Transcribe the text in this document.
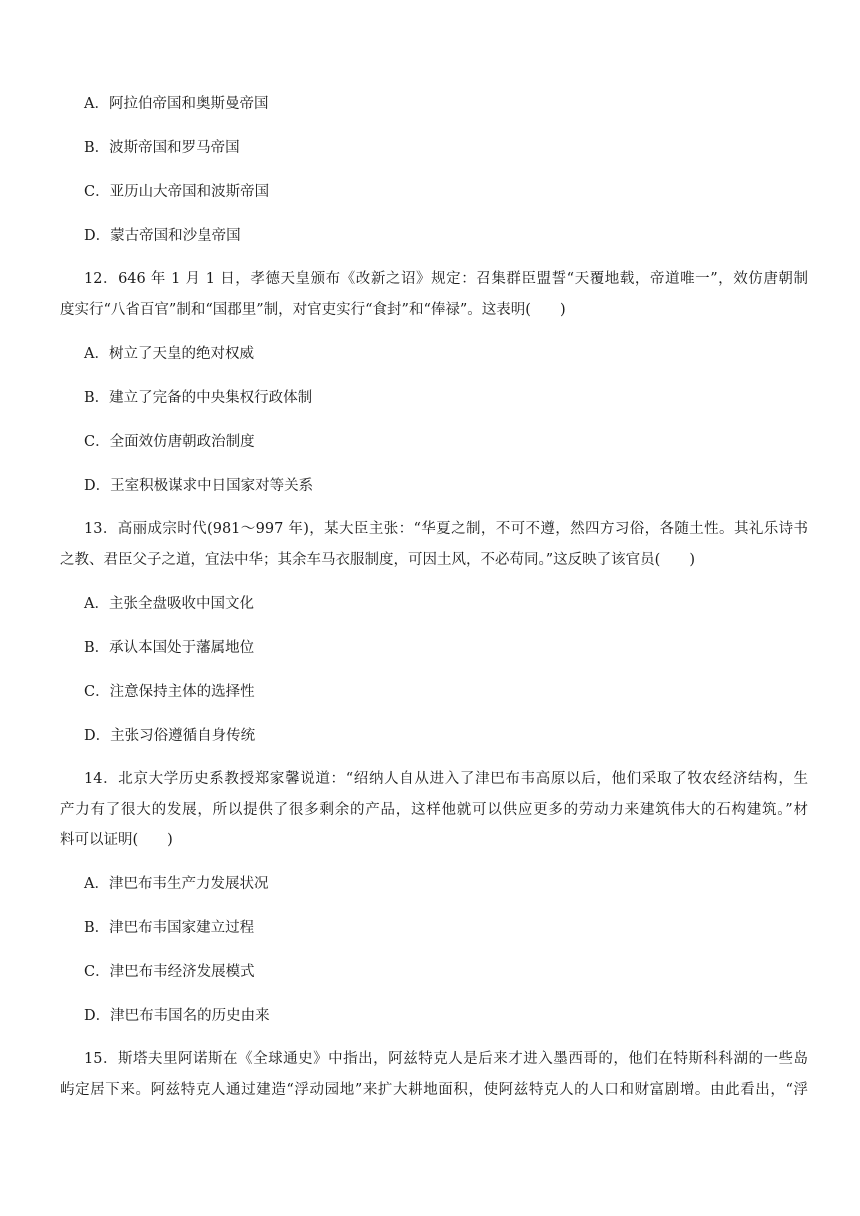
A．阿拉伯帝国和奥斯曼帝国
B．波斯帝国和罗马帝国
C．亚历山大帝国和波斯帝国
D．蒙古帝国和沙皇帝国
12．646 年 1 月 1 日，孝德天皇颁布《改新之诏》规定：召集群臣盟誓“天覆地载，帝道唯一”，效仿唐朝制
度实行“八省百官”制和“国郡里”制，对官吏实行“食封”和“俸禄”。这表明(　　)
A．树立了天皇的绝对权威
B．建立了完备的中央集权行政体制
C．全面效仿唐朝政治制度
D．王室积极谋求中日国家对等关系
13．高丽成宗时代(981～997 年)，某大臣主张：“华夏之制，不可不遵，然四方习俗，各随土性。其礼乐诗书
之教、君臣父子之道，宜法中华；其余车马衣服制度，可因土风，不必苟同。”这反映了该官员(　　)
A．主张全盘吸收中国文化
B．承认本国处于藩属地位
C．注意保持主体的选择性
D．主张习俗遵循自身传统
14．北京大学历史系教授郑家馨说道：“绍纳人自从进入了津巴布韦高原以后，他们采取了牧农经济结构，生
产力有了很大的发展，所以提供了很多剩余的产品，这样他就可以供应更多的劳动力来建筑伟大的石构建筑。”材
料可以证明(　　)
A．津巴布韦生产力发展状况
B．津巴布韦国家建立过程
C．津巴布韦经济发展模式
D．津巴布韦国名的历史由来
15．斯塔夫里阿诺斯在《全球通史》中指出，阿兹特克人是后来才进入墨西哥的，他们在特斯科科湖的一些岛
屿定居下来。阿兹特克人通过建造“浮动园地”来扩大耕地面积，使阿兹特克人的人口和财富剧增。由此看出，“浮
